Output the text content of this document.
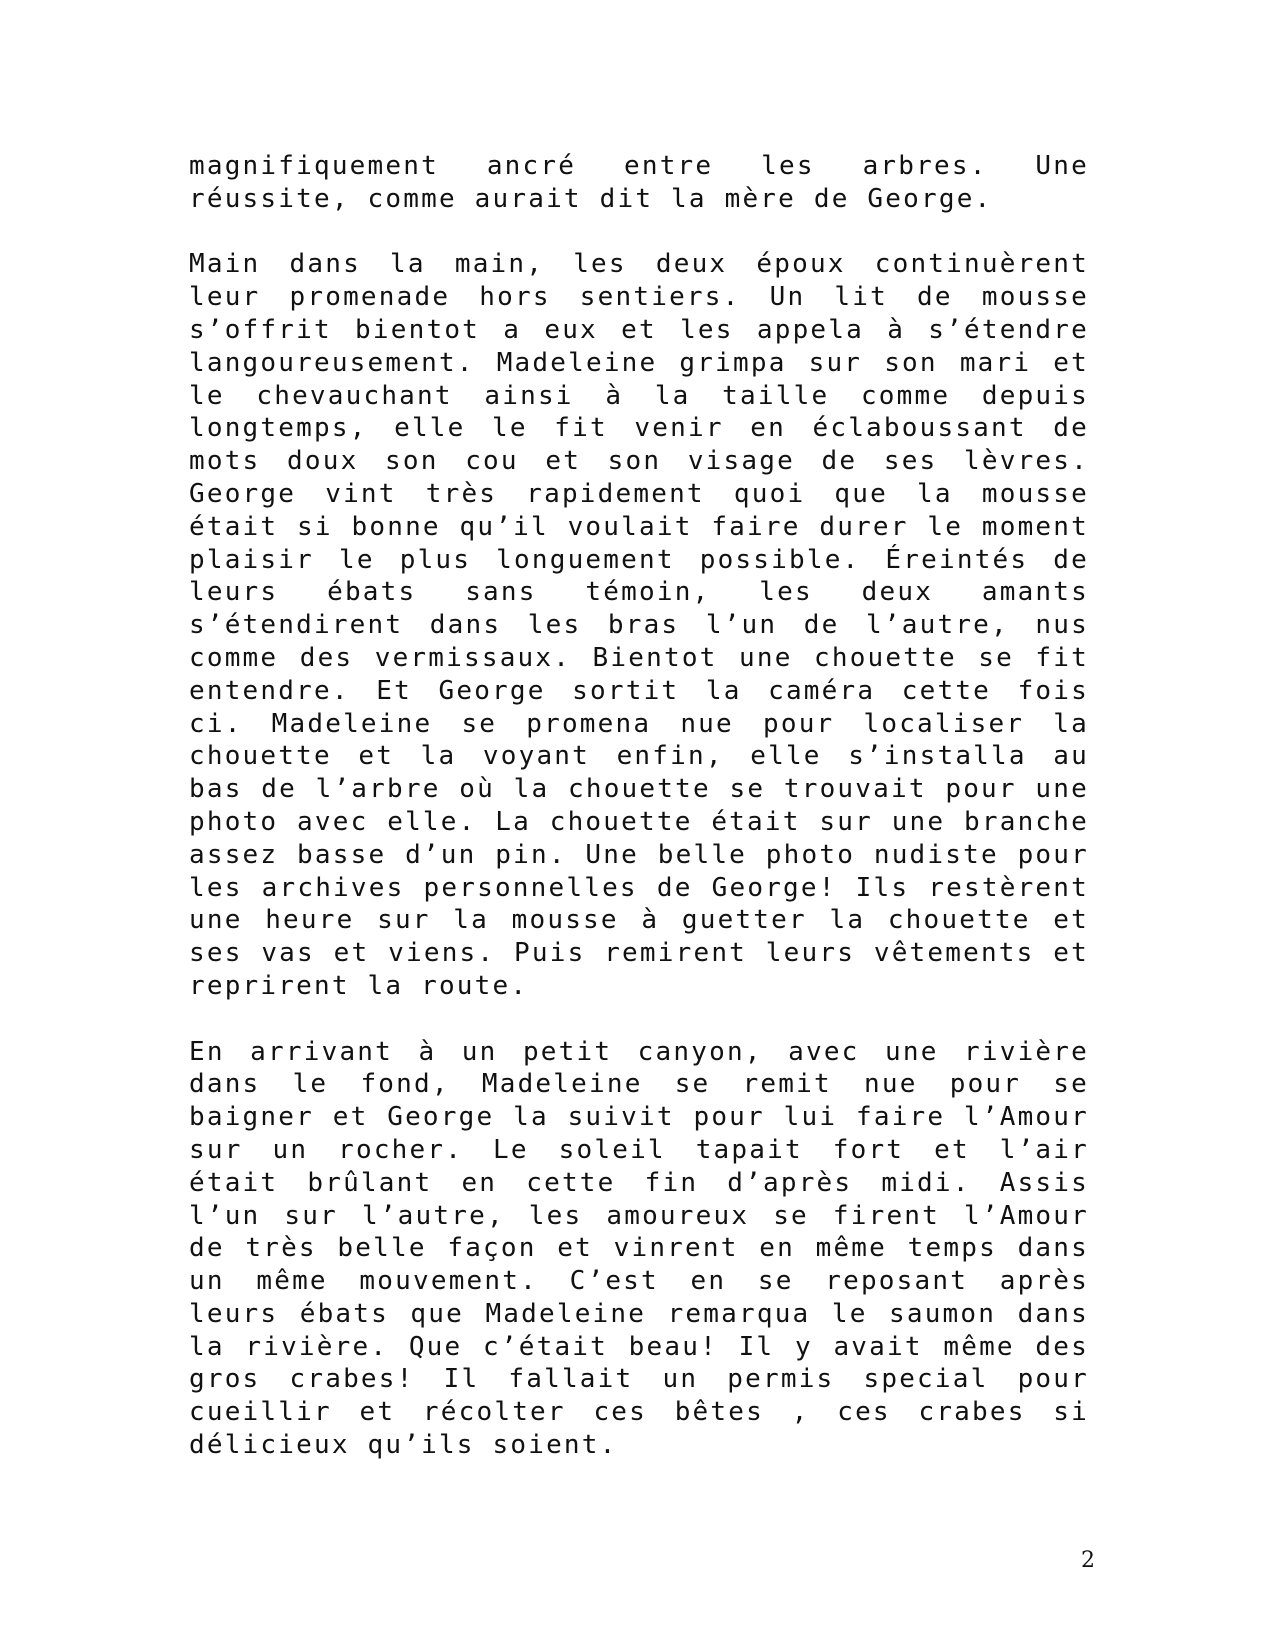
magnifiquement ancré entre les arbres. Une réussite, comme aurait dit la mère de George.

Main dans la main, les deux époux continuèrent leur promenade hors sentiers. Un lit de mousse s’offrit bientot a eux et les appela à s’étendre langoureusement. Madeleine grimpa sur son mari et le chevauchant ainsi à la taille comme depuis longtemps, elle le fit venir en éclaboussant de mots doux son cou et son visage de ses lèvres. George vint très rapidement quoi que la mousse était si bonne qu’il voulait faire durer le moment plaisir le plus longuement possible. Éreintés de leurs ébats sans témoin, les deux amants s’étendirent dans les bras l’un de l’autre, nus comme des vermissaux. Bientot une chouette se fit entendre. Et George sortit la caméra cette fois ci. Madeleine se promena nue pour localiser la chouette et la voyant enfin, elle s’installa au bas de l’arbre où la chouette se trouvait pour une photo avec elle. La chouette était sur une branche assez basse d’un pin. Une belle photo nudiste pour les archives personnelles de George! Ils restèrent une heure sur la mousse à guetter la chouette et ses vas et viens. Puis remirent leurs vêtements et reprirent la route.

En arrivant à un petit canyon, avec une rivière dans le fond, Madeleine se remit nue pour se baigner et George la suivit pour lui faire l’Amour sur un rocher. Le soleil tapait fort et l’air était brûlant en cette fin d’après midi. Assis l’un sur l’autre, les amoureux se firent l’Amour de très belle façon et vinrent en même temps dans un même mouvement. C’est en se reposant après leurs ébats que Madeleine remarqua le saumon dans la rivière. Que c’était beau! Il y avait même des gros crabes! Il fallait un permis special pour cueillir et récolter ces bêtes , ces crabes si délicieux qu’ils soient.

2
